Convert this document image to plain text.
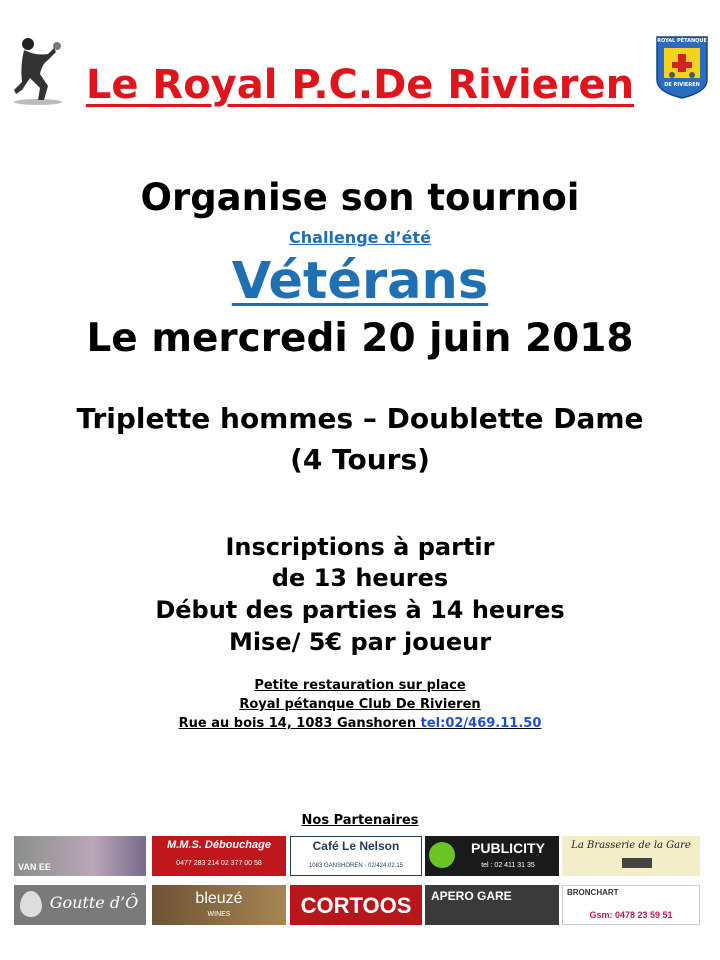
Le Royal P.C.De Rivieren
ROYAL PÉTANQUE
DE RIVIEREN
Organise son tournoi
Challenge d’été
Vétérans
Le mercredi 20 juin 2018
Triplette hommes – Doublette Dame
(4 Tours)
Inscriptions à partir
de 13 heures
Début des parties à 14 heures
Mise/ 5€ par joueur
Petite restauration sur place
Royal pétanque Club De Rivieren
Rue au bois 14, 1083 Ganshoren tel:02/469.11.50
Nos Partenaires
VAN EE
M.M.S. Débouchage
0477 283 214 02 377 00 58
Café Le Nelson
1083 GANSHOREN - 02/424.02.15
PUBLICITY
tel : 02 411 31 35
La Brasserie de la Gare
Goutte d’Ô	bleuzé
WINES	CORTOOS	APERO GARE	BRONCHART
Gsm: 0478 23 59 51
